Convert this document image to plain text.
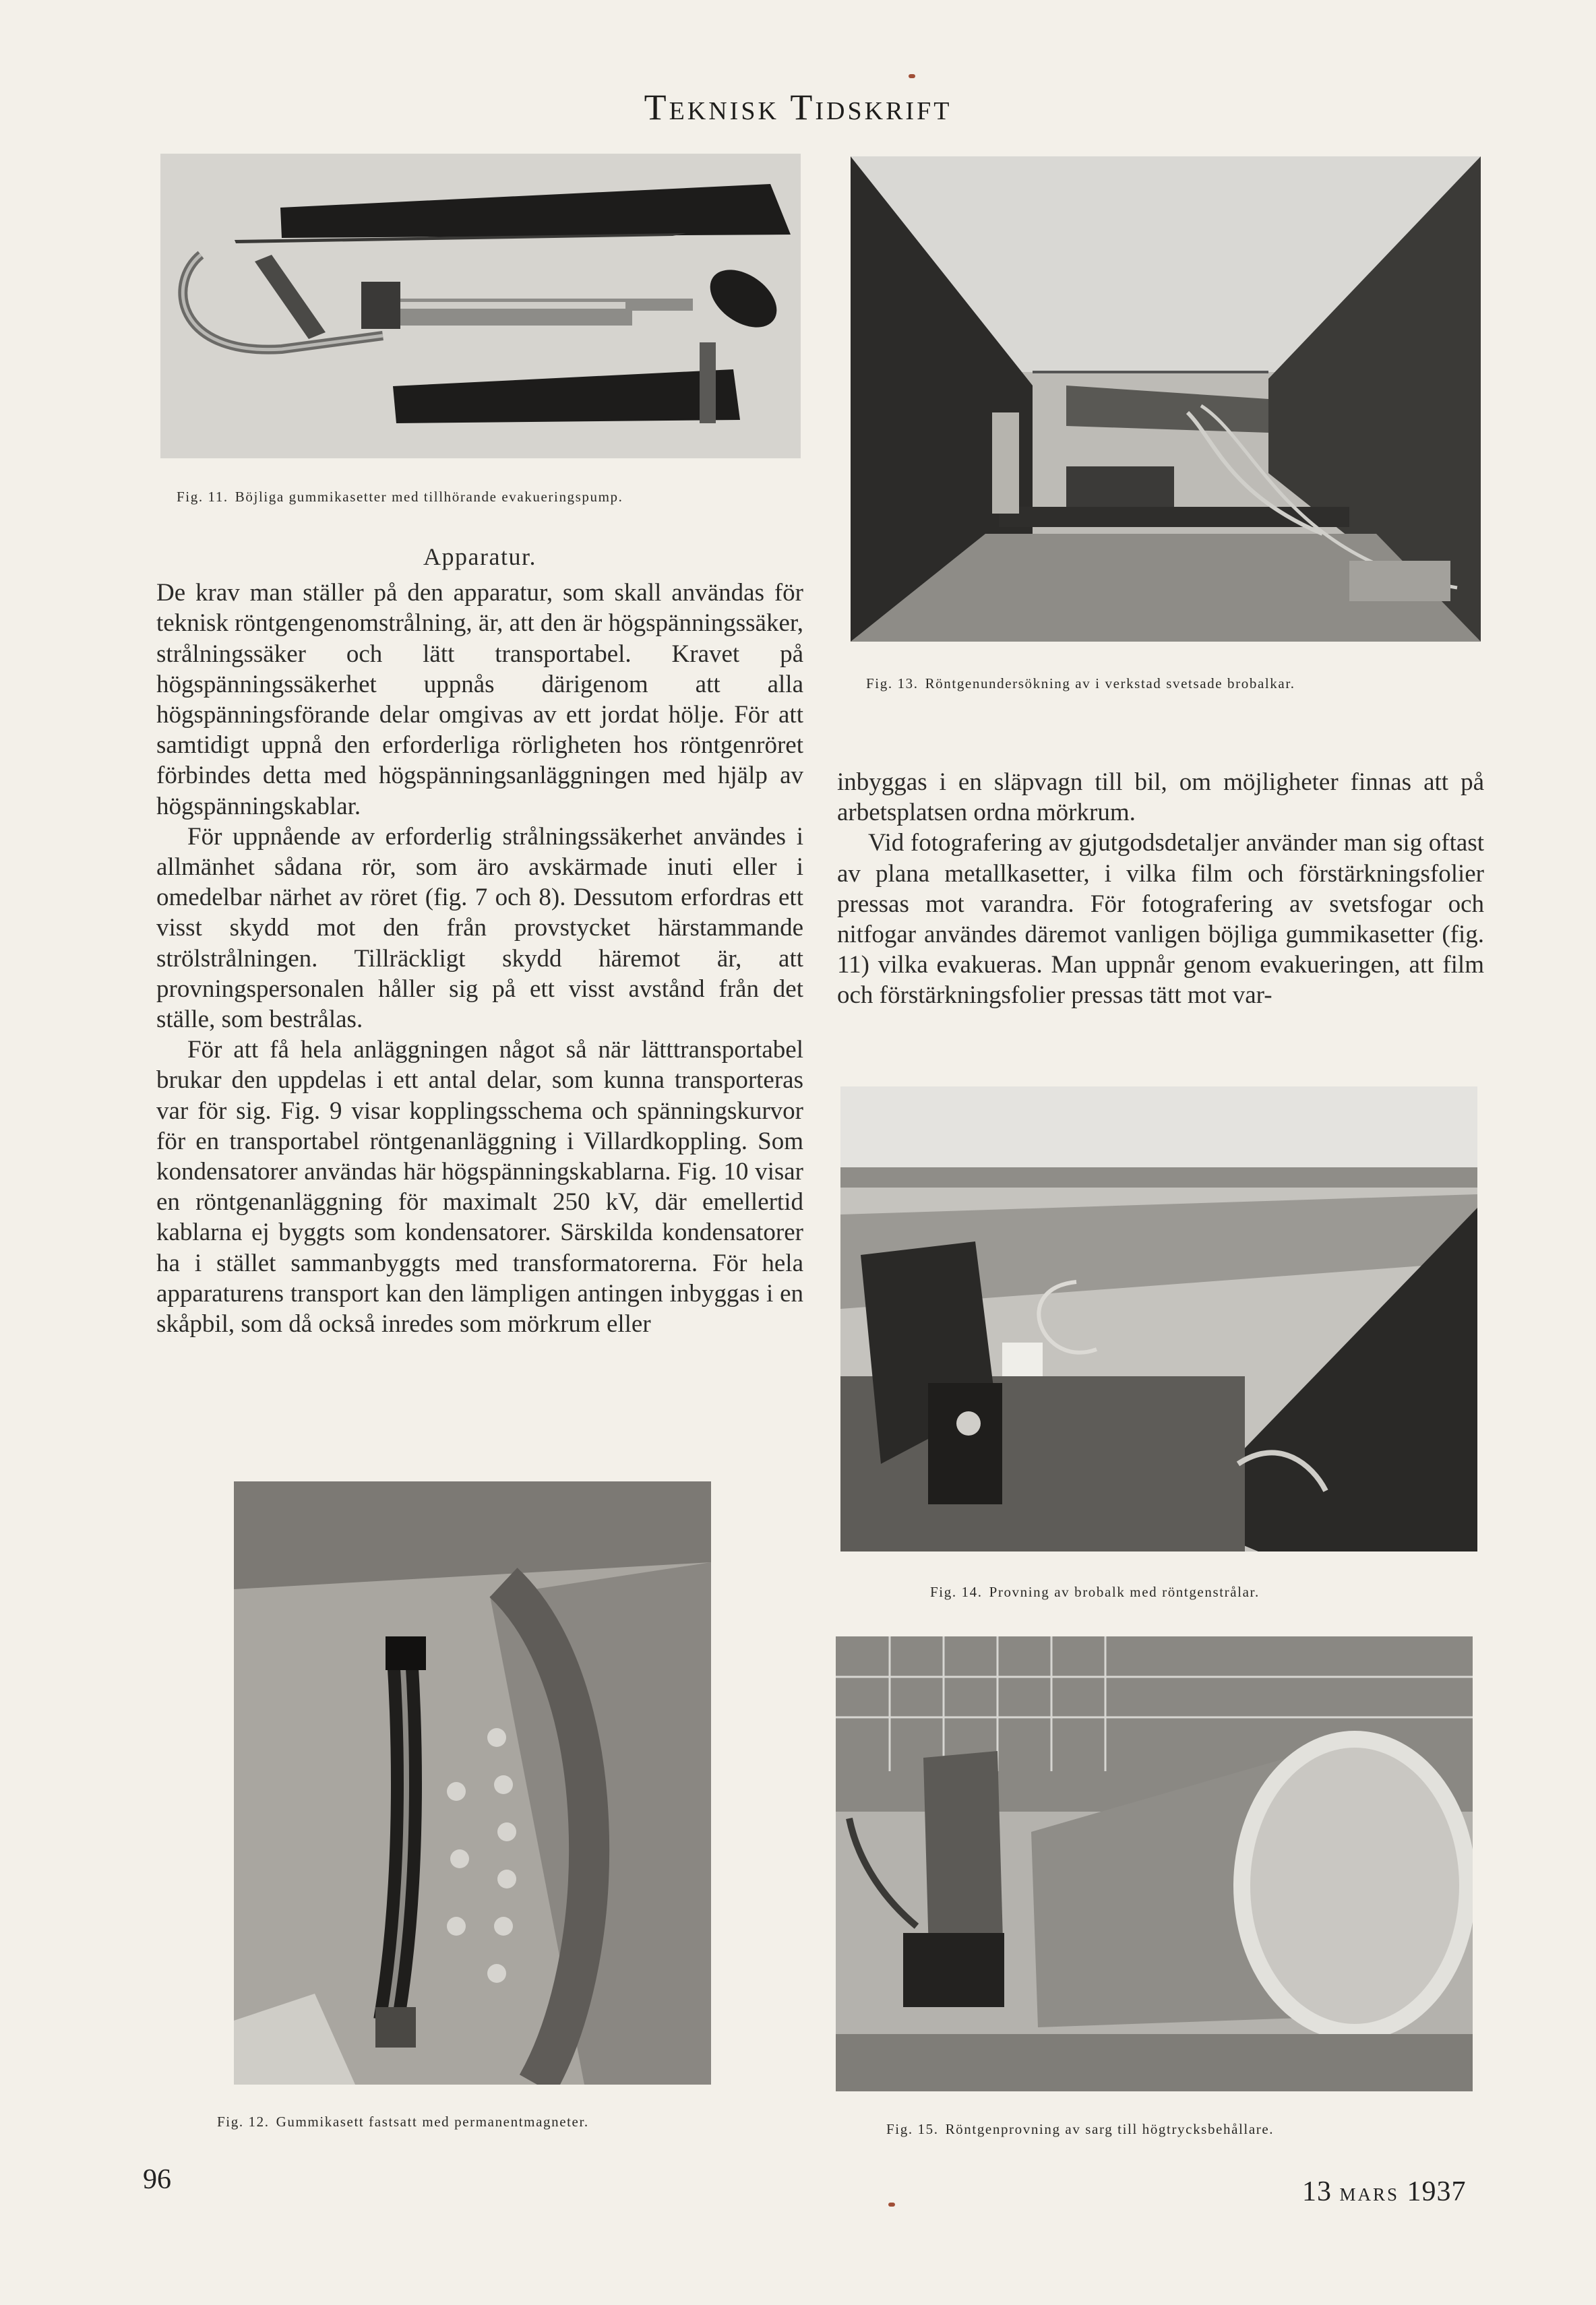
Teknisk Tidskrift
Fig. 11. Böjliga gummikasetter med tillhörande evakueringspump.
Fig. 13. Röntgenundersökning av i verkstad svetsade brobalkar.
Apparatur.

De krav man ställer på den apparatur, som skall användas för teknisk röntgengenomstrålning, är, att den är högspänningssäker, strålningssäker och lätt transportabel. Kravet på högspänningssäkerhet uppnås därigenom att alla högspänningsförande delar omgivas av ett jordat hölje. För att samtidigt uppnå den erforderliga rörligheten hos röntgenröret förbindes detta med högspänningsanläggningen med hjälp av högspänningskablar.

För uppnående av erforderlig strålningssäkerhet användes i allmänhet sådana rör, som äro avskärmade inuti eller i omedelbar närhet av röret (fig. 7 och 8). Dessutom erfordras ett visst skydd mot den från provstycket härstammande strölstrålningen. Tillräckligt skydd häremot är, att provningspersonalen håller sig på ett visst avstånd från det ställe, som bestrålas.

För att få hela anläggningen något så när lätttransportabel brukar den uppdelas i ett antal delar, som kunna transporteras var för sig. Fig. 9 visar kopplingsschema och spänningskurvor för en transportabel röntgenanläggning i Villardkoppling. Som kondensatorer användas här högspänningskablarna. Fig. 10 visar en röntgenanläggning för maximalt 250 kV, där emellertid kablarna ej byggts som kondensatorer. Särskilda kondensatorer ha i stället sammanbyggts med transformatorerna. För hela apparaturens transport kan den lämpligen antingen inbyggas i en skåpbil, som då också inredes som mörkrum eller

inbyggas i en släpvagn till bil, om möjligheter finnas att på arbetsplatsen ordna mörkrum.

Vid fotografering av gjutgodsdetaljer använder man sig oftast av plana metallkasetter, i vilka film och förstärkningsfolier pressas mot varandra. För fotografering av svetsfogar och nitfogar användes däremot vanligen böjliga gummikasetter (fig. 11) vilka evakueras. Man uppnår genom evakueringen, att film och förstärkningsfolier pressas tätt mot var-

Fig. 14. Provning av brobalk med röntgenstrålar.
Fig. 12. Gummikasett fastsatt med permanentmagneter.	Fig. 15. Röntgenprovning av sarg till högtrycksbehållare.
96	13 mars 1937
